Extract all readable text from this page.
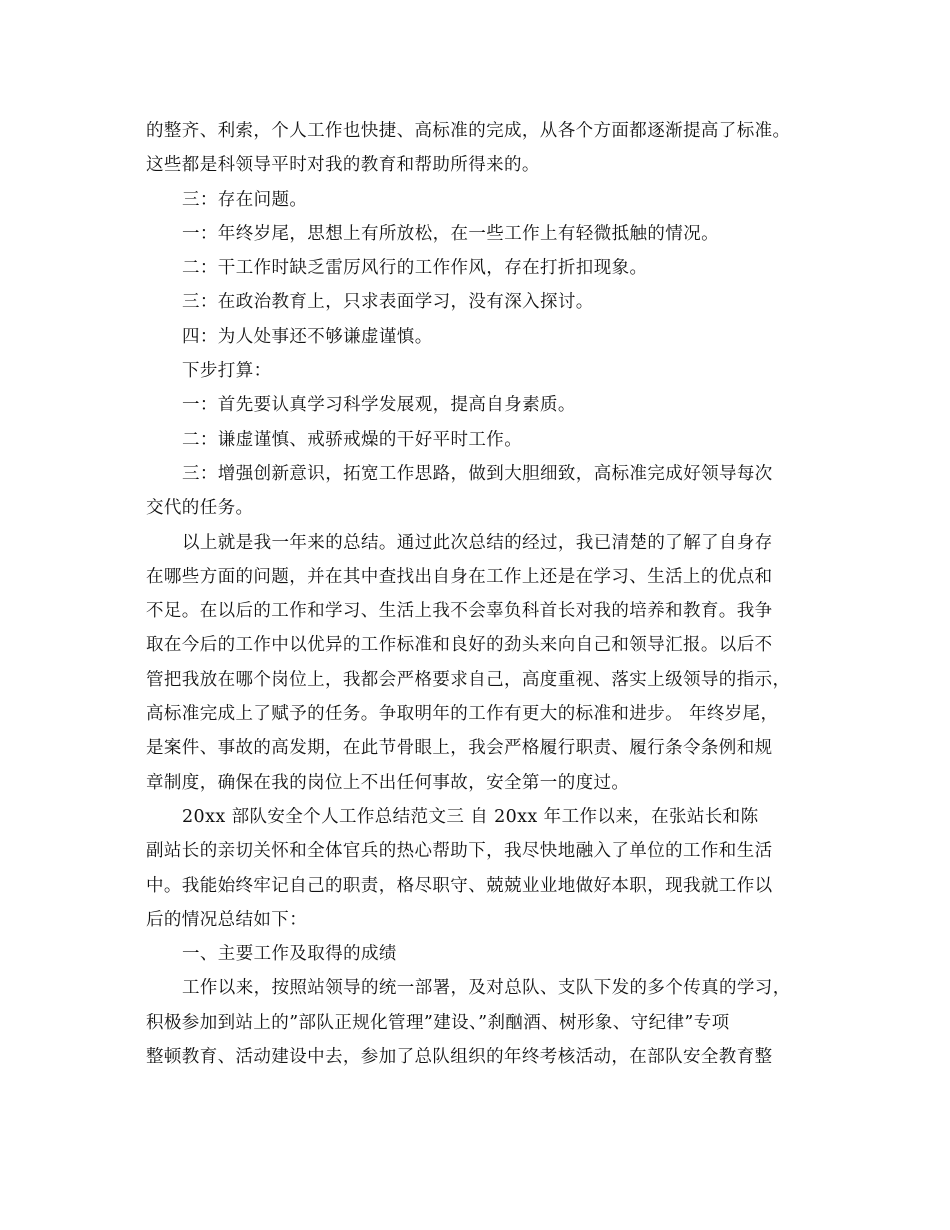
的整齐、利索，个人工作也快捷、高标准的完成，从各个方面都逐渐提高了标准。
这些都是科领导平时对我的教育和帮助所得来的。
三：存在问题。
一：年终岁尾，思想上有所放松，在一些工作上有轻微抵触的情况。
二：干工作时缺乏雷厉风行的工作作风，存在打折扣现象。
三：在政治教育上，只求表面学习，没有深入探讨。
四：为人处事还不够谦虚谨慎。
下步打算：
一：首先要认真学习科学发展观，提高自身素质。
二：谦虚谨慎、戒骄戒燥的干好平时工作。
三：增强创新意识，拓宽工作思路，做到大胆细致，高标准完成好领导每次
交代的任务。
以上就是我一年来的总结。通过此次总结的经过，我已清楚的了解了自身存
在哪些方面的问题，并在其中查找出自身在工作上还是在学习、生活上的优点和
不足。在以后的工作和学习、生活上我不会辜负科首长对我的培养和教育。我争
取在今后的工作中以优异的工作标准和良好的劲头来向自己和领导汇报。以后不
管把我放在哪个岗位上，我都会严格要求自己，高度重视、落实上级领导的指示，
高标准完成上了赋予的任务。争取明年的工作有更大的标准和进步。 年终岁尾，
是案件、事故的高发期，在此节骨眼上，我会严格履行职责、履行条令条例和规
章制度，确保在我的岗位上不出任何事故，安全第一的度过。
20xx 部队安全个人工作总结范文三 自 20xx 年工作以来，在张站长和陈
副站长的亲切关怀和全体官兵的热心帮助下，我尽快地融入了单位的工作和生活
中。我能始终牢记自己的职责，格尽职守、兢兢业业地做好本职，现我就工作以
后的情况总结如下：
一、主要工作及取得的成绩
工作以来，按照站领导的统一部署，及对总队、支队下发的多个传真的学习，
积极参加到站上的”部队正规化管理”建设、”刹酗酒、树形象、守纪律”专项
整顿教育、活动建设中去，参加了总队组织的年终考核活动，在部队安全教育整
